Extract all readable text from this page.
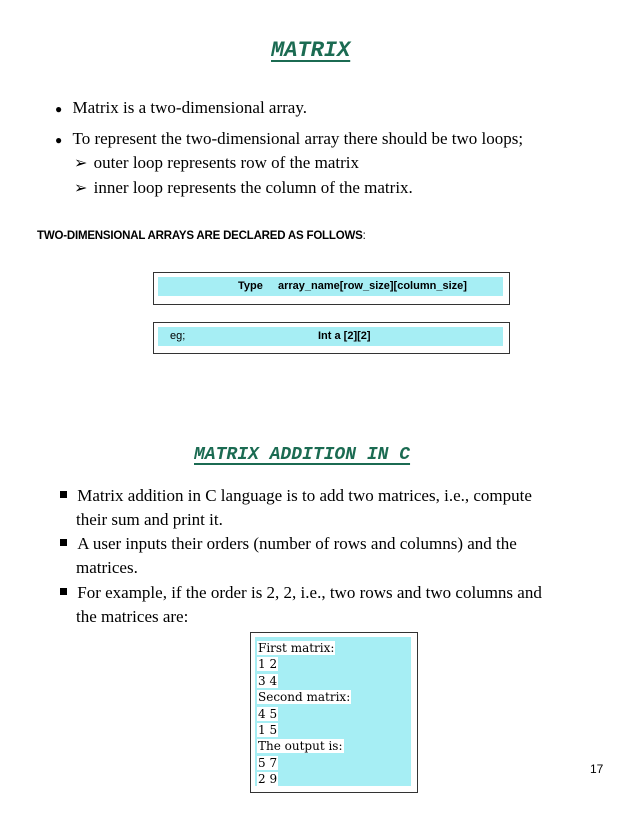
MATRIX
● Matrix is a two-dimensional array.
● To represent the two-dimensional array there should be two loops;
➢ outer loop represents row of the matrix
➢ inner loop represents the column of the matrix.
TWO-DIMENSIONAL ARRAYS ARE DECLARED AS FOLLOWS:
Type array_name[row_size][column_size]
eg;	Int a [2][2]
MATRIX ADDITION IN C
Matrix addition in C language is to add two matrices, i.e., compute
their sum and print it.
A user inputs their orders (number of rows and columns) and the
matrices.
For example, if the order is 2, 2, i.e., two rows and two columns and
the matrices are:
First matrix:
1 2
3 4
Second matrix:
4 5
1 5
The output is:
5 7
2 9
17
